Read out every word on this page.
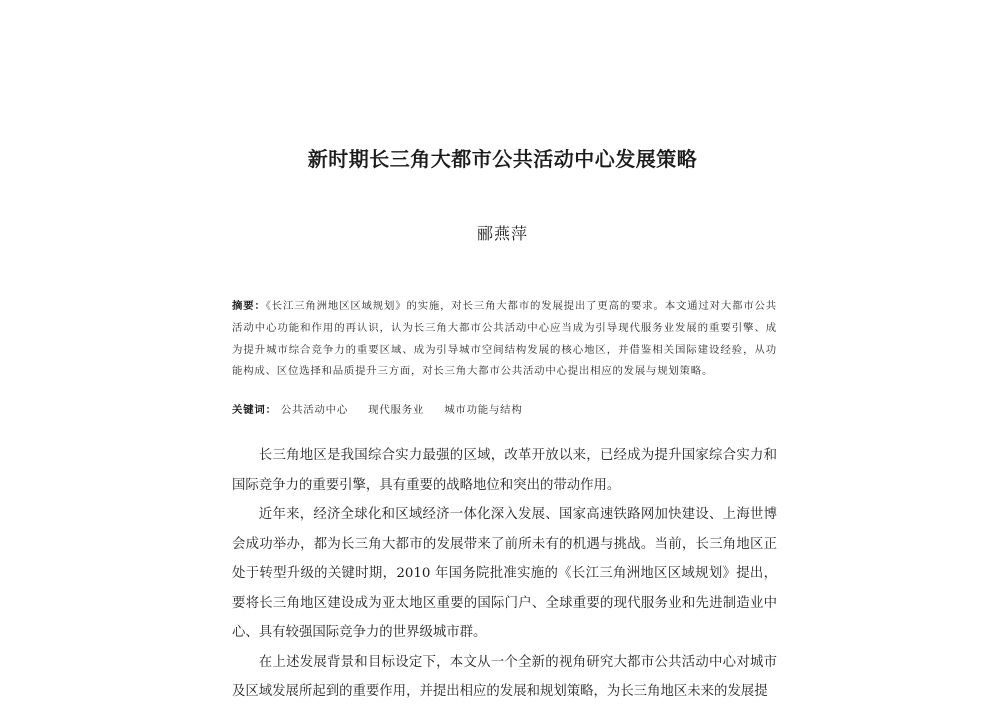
新时期长三角大都市公共活动中心发展策略
郦燕萍
摘要：《长江三角洲地区区域规划》的实施，对长三角大都市的发展提出了更高的要求。本文通过对大都市公共活动中心功能和作用的再认识，认为长三角大都市公共活动中心应当成为引导现代服务业发展的重要引擎、成为提升城市综合竞争力的重要区域、成为引导城市空间结构发展的核心地区，并借鉴相关国际建设经验，从功能构成、区位选择和品质提升三方面，对长三角大都市公共活动中心提出相应的发展与规划策略。
关键词： 公共活动中心 现代服务业 城市功能与结构

长三角地区是我国综合实力最强的区域，改革开放以来，已经成为提升国家综合实力和国际竞争力的重要引擎，具有重要的战略地位和突出的带动作用。

近年来，经济全球化和区域经济一体化深入发展、国家高速铁路网加快建设、上海世博会成功举办，都为长三角大都市的发展带来了前所未有的机遇与挑战。当前，长三角地区正处于转型升级的关键时期，2010 年国务院批准实施的《长江三角洲地区区域规划》提出，要将长三角地区建设成为亚太地区重要的国际门户、全球重要的现代服务业和先进制造业中心、具有较强国际竞争力的世界级城市群。

在上述发展背景和目标设定下，本文从一个全新的视角研究大都市公共活动中心对城市及区域发展所起到的重要作用，并提出相应的发展和规划策略，为长三角地区未来的发展提
